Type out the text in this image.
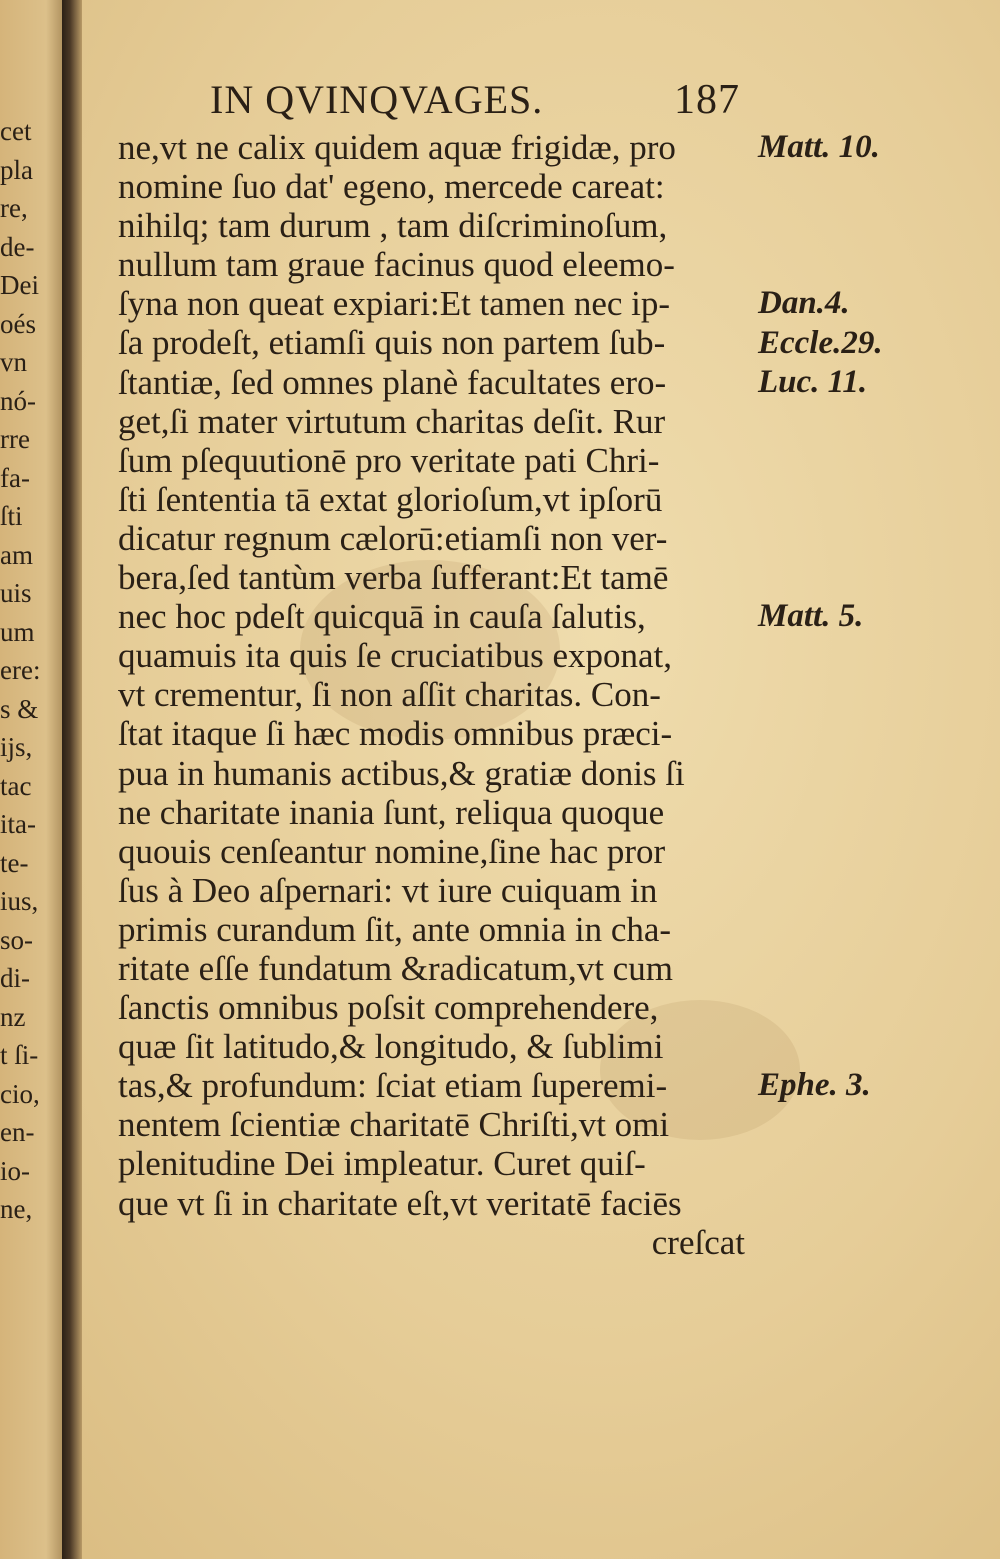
cet
pla
re,
de-
Dei
oés
vn
nó-
rre
fa-
ſti
am
uis
um
ere:
s &
ijs,
tac
ita-
te-
ius,
so-
di-
nz
t ſi-
cio,
en-
io-
ne,
IN QVINQVAGES.	187
ne,vt ne calix quidem aquæ frigidæ, pro
nomine ſuo dat' egeno, mercede careat:
nihilq; tam durum , tam diſcriminoſum,
nullum tam graue facinus quod eleemo-
ſyna non queat expiari:Et tamen nec ip-
ſa prodeſt, etiamſi quis non partem ſub-
ſtantiæ, ſed omnes planè facultates ero-
get,ſi mater virtutum charitas deſit. Rur
ſum pſequutionē pro veritate pati Chri-
ſti ſententia tā extat glorioſum,vt ipſorū
dicatur regnum cælorū:etiamſi non ver-
bera,ſed tantùm verba ſufferant:Et tamē
nec hoc pdeſt quicquā in cauſa ſalutis,
quamuis ita quis ſe cruciatibus exponat,
vt crementur, ſi non aſſit charitas. Con-
ſtat itaque ſi hæc modis omnibus præci-
pua in humanis actibus,& gratiæ donis ſi
ne charitate inania ſunt, reliqua quoque
quouis cenſeantur nomine,ſine hac pror
ſus à Deo aſpernari: vt iure cuiquam in
primis curandum ſit, ante omnia in cha-
ritate eſſe fundatum &radicatum,vt cum
ſanctis omnibus poſsit comprehendere,
quæ ſit latitudo,& longitudo, & ſublimi
tas,& profundum: ſciat etiam ſuperemi-
nentem ſcientiæ charitatē Chriſti,vt omi
plenitudine Dei impleatur. Curet quiſ-
que vt ſi in charitate eſt,vt veritatē faciēs
creſcat
Matt. 10.
Dan.4.
Eccle.29.
Luc. 11.
Matt. 5.
Ephe. 3.
